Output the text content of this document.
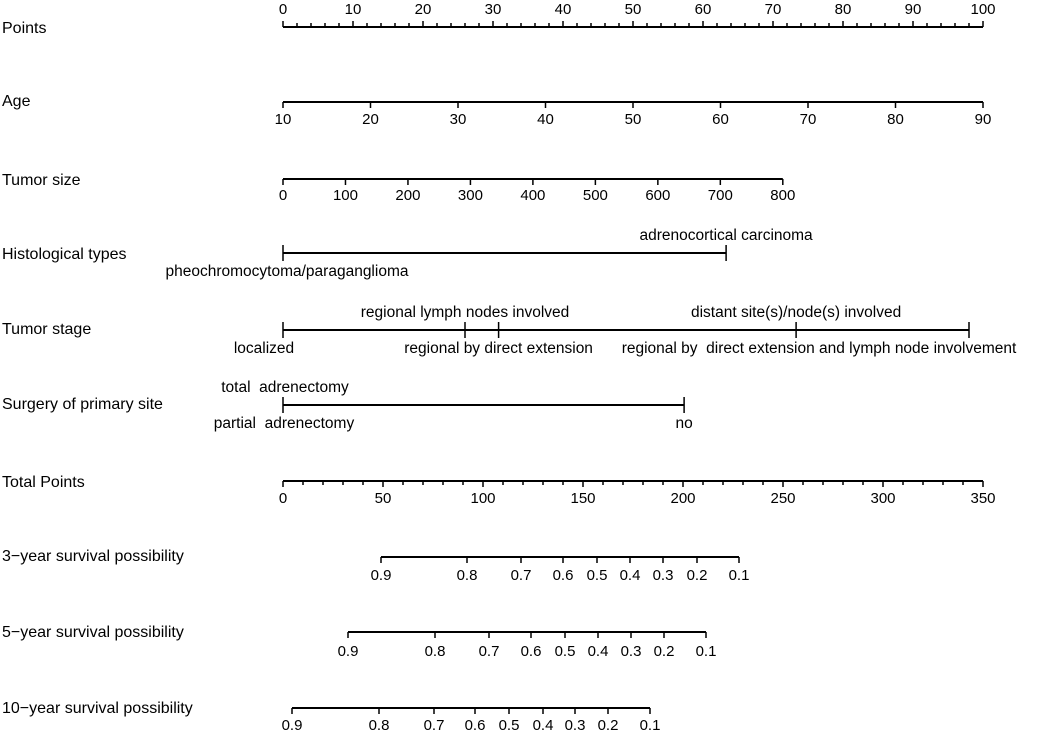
Points
Age
Tumor size
Histological types
Tumor stage
Surgery of primary site
Total Points
3−year survival possibility
5−year survival possibility
10−year survival possibility
0	10	20	30	40	50	60	70	80	90	100
10	20	30	40	50	60	70	80	90
0	100 200 300 400 500 600 700 800
pheochromocytoma/paraganglioma
adrenocortical carcinoma
localized
regional lymph nodes involved
regional by direct extension
distant site(s)/node(s) involved
regional by  direct extension and lymph node involvement
total  adrenectomy
partial  adrenectomy	no
0	50	100	150	200	250	300	350
0.9	0.8 0.7 0.6 0.5 0.4 0.3 0.2 0.1
0.9	0.8 0.7 0.6 0.5 0.4 0.3 0.2 0.1
0.9	0.8 0.7 0.6 0.5 0.4 0.3 0.2 0.1
